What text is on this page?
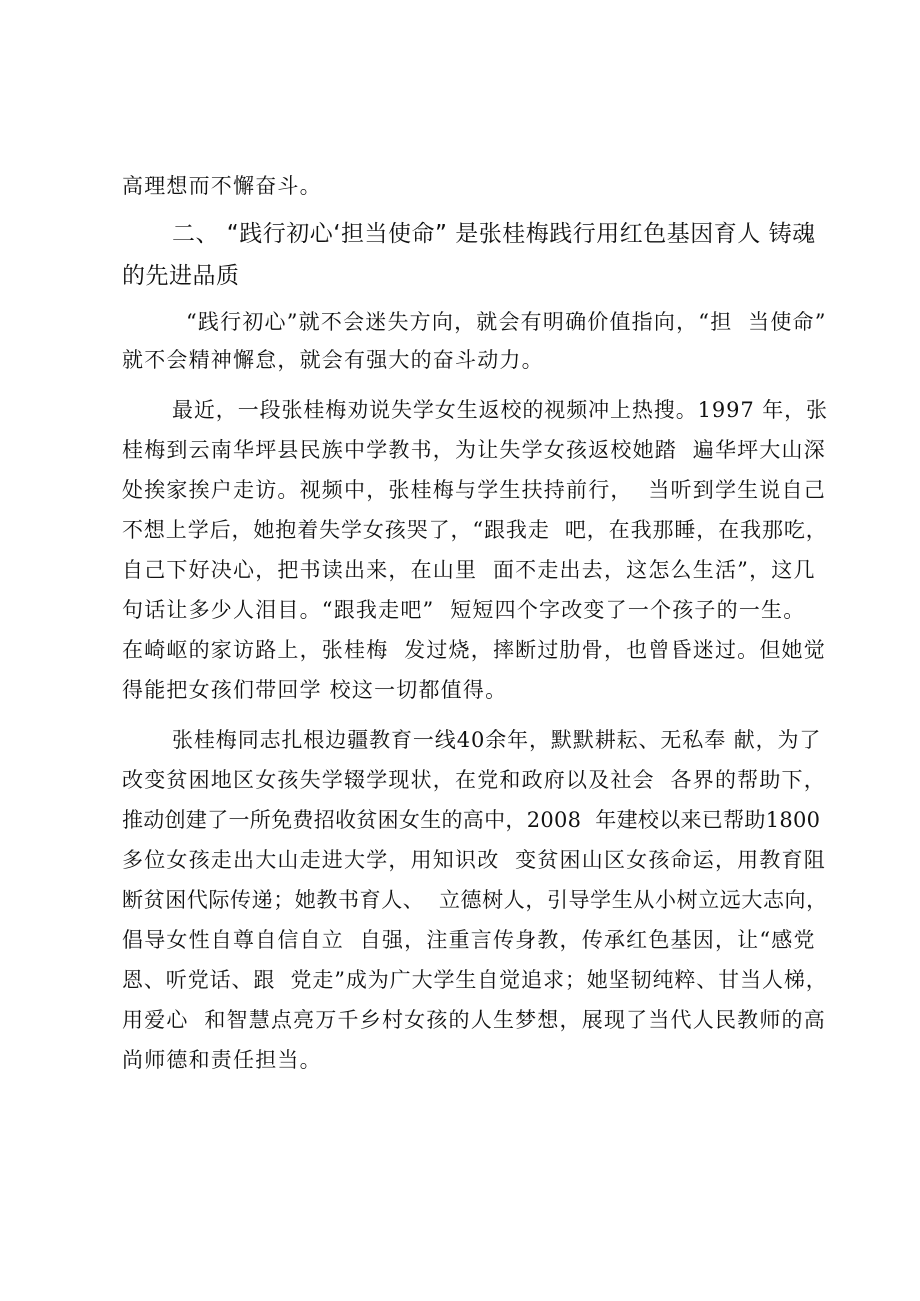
高理想而不懈奋斗。

二、 “践行初心‘担当使命” 是张桂梅践行用红色基因育人 铸魂

的先进品质

“践行初心”就不会迷失方向，就会有明确价值指向，“担  当使命”

就不会精神懈怠，就会有强大的奋斗动力。

最近，一段张桂梅劝说失学女生返校的视频冲上热搜。1997 年，张

桂梅到云南华坪县民族中学教书，为让失学女孩返校她踏  遍华坪大山深

处挨家挨户走访。视频中，张桂梅与学生扶持前行，  当听到学生说自己

不想上学后，她抱着失学女孩哭了，“跟我走  吧，在我那睡，在我那吃，

自己下好决心，把书读出来，在山里  面不走出去，这怎么生活”，这几

句话让多少人泪目。“跟我走吧”  短短四个字改变了一个孩子的一生。

在崎岖的家访路上，张桂梅  发过烧，摔断过肋骨，也曾昏迷过。但她觉

得能把女孩们带回学 校这一切都值得。

张桂梅同志扎根边疆教育一线40余年，默默耕耘、无私奉 献，为了

改变贫困地区女孩失学辍学现状，在党和政府以及社会  各界的帮助下，

推动创建了一所免费招收贫困女生的高中，2008  年建校以来已帮助1800

多位女孩走出大山走进大学，用知识改  变贫困山区女孩命运，用教育阻

断贫困代际传递；她教书育人、  立德树人，引导学生从小树立远大志向，

倡导女性自尊自信自立  自强，注重言传身教，传承红色基因，让“感党

恩、听党话、跟  党走”成为广大学生自觉追求；她坚韧纯粹、甘当人梯，

用爱心  和智慧点亮万千乡村女孩的人生梦想，展现了当代人民教师的高

尚师德和责任担当。
